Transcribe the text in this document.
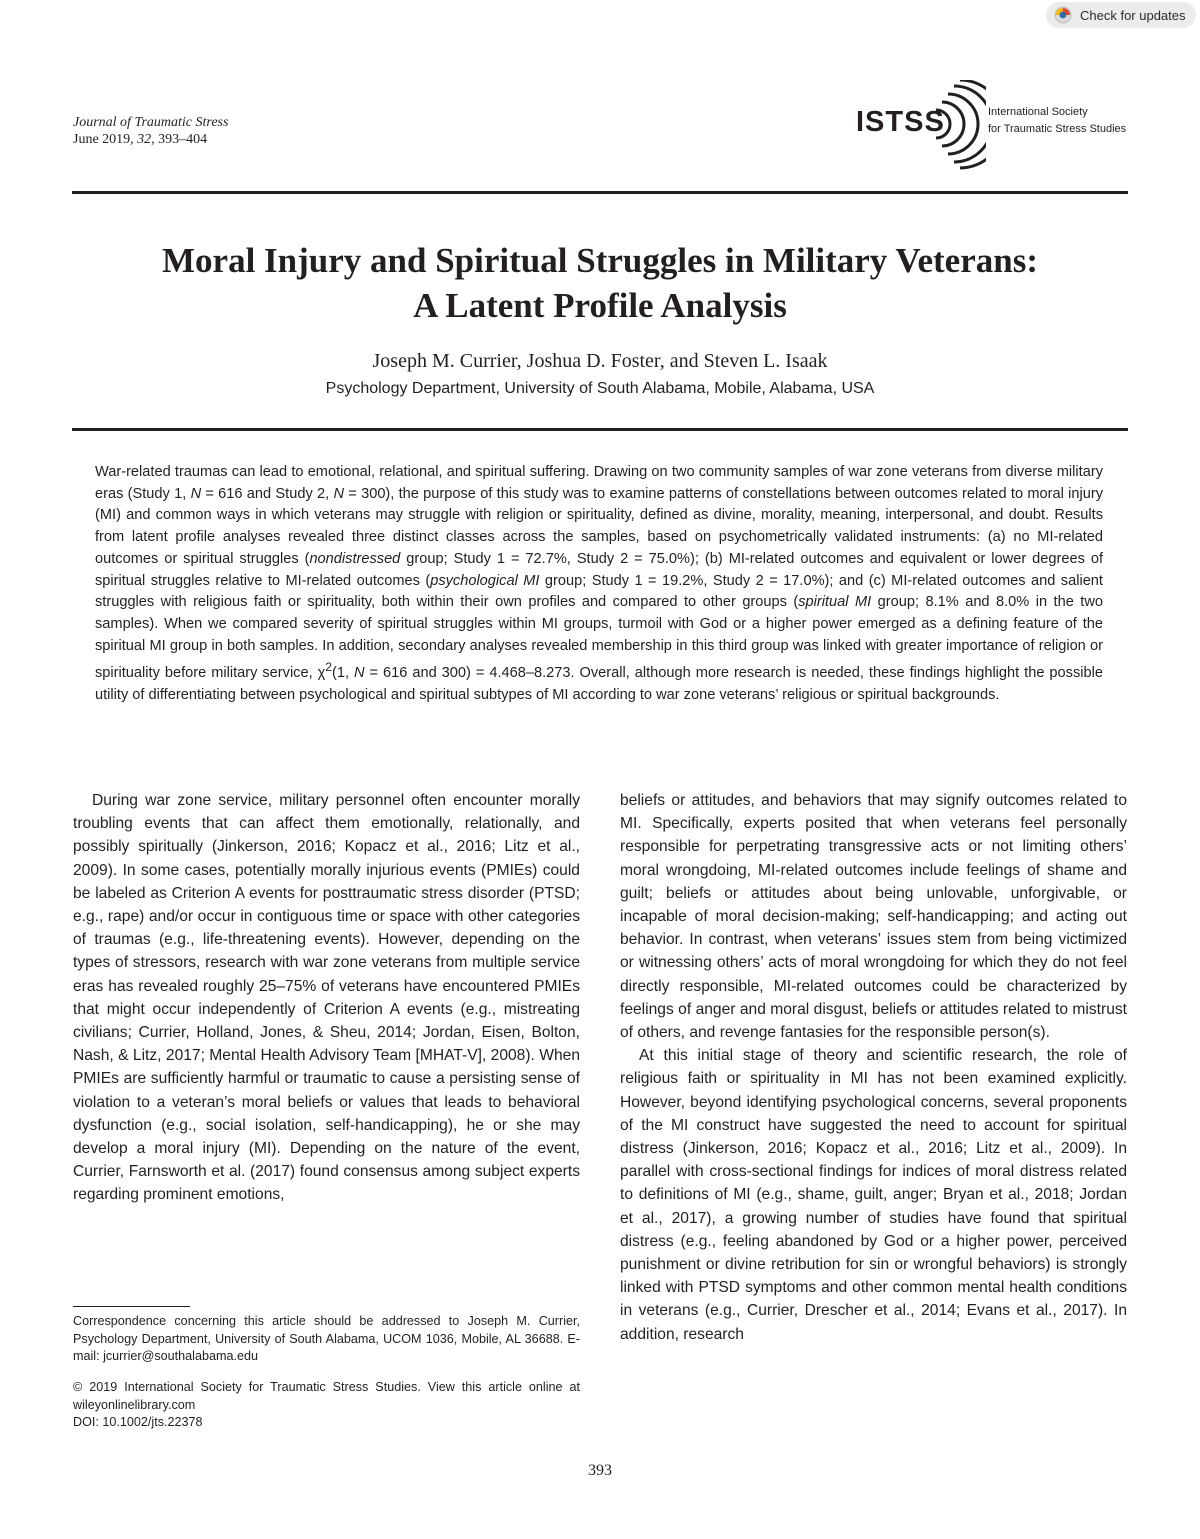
Check for updates
Journal of Traumatic Stress
June 2019, 32, 393–404
ISTSS	International Society
for Traumatic Stress Studies
Moral Injury and Spiritual Struggles in Military Veterans:
A Latent Profile Analysis
Joseph M. Currier, Joshua D. Foster, and Steven L. Isaak
Psychology Department, University of South Alabama, Mobile, Alabama, USA
War-related traumas can lead to emotional, relational, and spiritual suffering. Drawing on two community samples of war zone veterans from diverse military eras (Study 1, N = 616 and Study 2, N = 300), the purpose of this study was to examine patterns of constellations between outcomes related to moral injury (MI) and common ways in which veterans may struggle with religion or spirituality, defined as divine, morality, meaning, interpersonal, and doubt. Results from latent profile analyses revealed three distinct classes across the samples, based on psychometrically validated instruments: (a) no MI-related outcomes or spiritual struggles (nondistressed group; Study 1 = 72.7%, Study 2 = 75.0%); (b) MI-related outcomes and equivalent or lower degrees of spiritual struggles relative to MI-related outcomes (psychological MI group; Study 1 = 19.2%, Study 2 = 17.0%); and (c) MI-related outcomes and salient struggles with religious faith or spirituality, both within their own profiles and compared to other groups (spiritual MI group; 8.1% and 8.0% in the two samples). When we compared severity of spiritual struggles within MI groups, turmoil with God or a higher power emerged as a defining feature of the spiritual MI group in both samples. In addition, secondary analyses revealed membership in this third group was linked with greater importance of religion or spirituality before military service, $\chi^2(1$, N = 616 and 300) = 4.468–8.273. Overall, although more research is needed, these findings highlight the possible utility of differentiating between psychological and spiritual subtypes of MI according to war zone veterans’ religious or spiritual backgrounds.

During war zone service, military personnel often encounter morally troubling events that can affect them emotionally, relationally, and possibly spiritually (Jinkerson, 2016; Kopacz et al., 2016; Litz et al., 2009). In some cases, potentially morally injurious events (PMIEs) could be labeled as Criterion A events for posttraumatic stress disorder (PTSD; e.g., rape) and/or occur in contiguous time or space with other categories of traumas (e.g., life-threatening events). However, depending on the types of stressors, research with war zone veterans from multiple service eras has revealed roughly 25–75% of veterans have encountered PMIEs that might occur independently of Criterion A events (e.g., mistreating civilians; Currier, Holland, Jones, & Sheu, 2014; Jordan, Eisen, Bolton, Nash, & Litz, 2017; Mental Health Advisory Team [MHAT-V], 2008). When PMIEs are sufficiently harmful or traumatic to cause a persisting sense of violation to a veteran’s moral beliefs or values that leads to behavioral dysfunction (e.g., social isolation, self-handicapping), he or she may develop a moral injury (MI). Depending on the nature of the event, Currier, Farnsworth et al. (2017) found consensus among subject experts regarding prominent emotions,

beliefs or attitudes, and behaviors that may signify outcomes related to MI. Specifically, experts posited that when veterans feel personally responsible for perpetrating transgressive acts or not limiting others’ moral wrongdoing, MI-related outcomes include feelings of shame and guilt; beliefs or attitudes about being unlovable, unforgivable, or incapable of moral decision-making; self-handicapping; and acting out behavior. In contrast, when veterans’ issues stem from being victimized or witnessing others’ acts of moral wrongdoing for which they do not feel directly responsible, MI-related outcomes could be characterized by feelings of anger and moral disgust, beliefs or attitudes related to mistrust of others, and revenge fantasies for the responsible person(s).

At this initial stage of theory and scientific research, the role of religious faith or spirituality in MI has not been examined explicitly. However, beyond identifying psychological concerns, several proponents of the MI construct have suggested the need to account for spiritual distress (Jinkerson, 2016; Kopacz et al., 2016; Litz et al., 2009). In parallel with cross-sectional findings for indices of moral distress related to definitions of MI (e.g., shame, guilt, anger; Bryan et al., 2018; Jordan et al., 2017), a growing number of studies have found that spiritual distress (e.g., feeling abandoned by God or a higher power, perceived punishment or divine retribution for sin or wrongful behaviors) is strongly linked with PTSD symptoms and other common mental health conditions in veterans (e.g., Currier, Drescher et al., 2014; Evans et al., 2017). In addition, research

Correspondence concerning this article should be addressed to Joseph M. Currier, Psychology Department, University of South Alabama, UCOM 1036, Mobile, AL 36688. E-mail: jcurrier@southalabama.edu
© 2019 International Society for Traumatic Stress Studies. View this article online at wileyonlinelibrary.com
DOI: 10.1002/jts.22378
393
